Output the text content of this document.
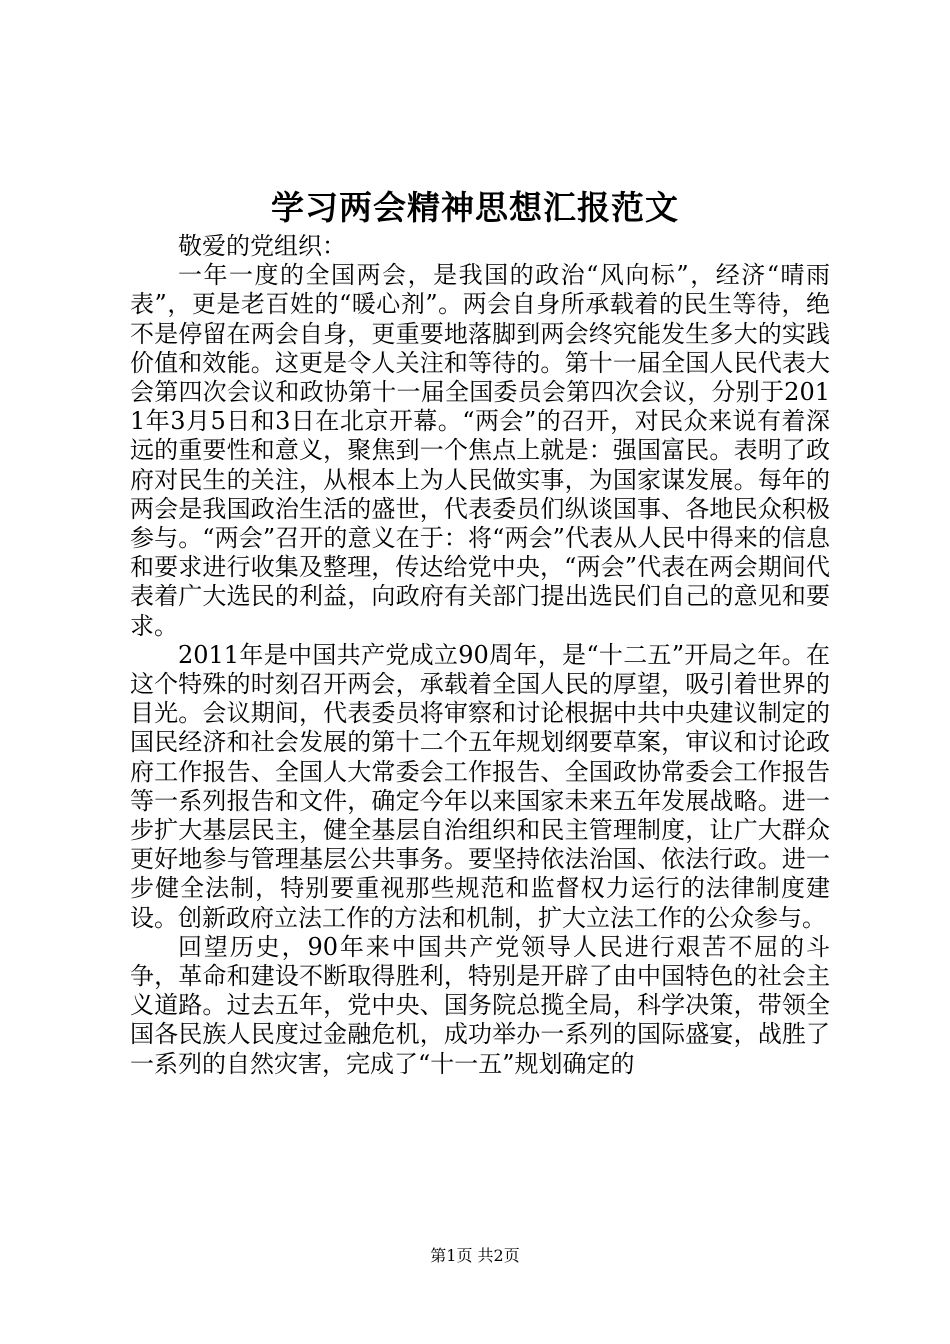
学习两会精神思想汇报范文

敬爱的党组织：

一年一度的全国两会，是我国的政治“风向标”，经济“晴雨表”，更是老百姓的“暖心剂”。两会自身所承载着的民生等待，绝不是停留在两会自身，更重要地落脚到两会终究能发生多大的实践价值和效能。这更是令人关注和等待的。第十一届全国人民代表大会第四次会议和政协第十一届全国委员会第四次会议，分别于2011年3月5日和3日在北京开幕。“两会”的召开，对民众来说有着深远的重要性和意义，聚焦到一个焦点上就是：强国富民。表明了政府对民生的关注，从根本上为人民做实事，为国家谋发展。每年的两会是我国政治生活的盛世，代表委员们纵谈国事、各地民众积极参与。“两会”召开的意义在于：将“两会”代表从人民中得来的信息和要求进行收集及整理，传达给党中央，“两会”代表在两会期间代表着广大选民的利益，向政府有关部门提出选民们自己的意见和要求。

2011年是中国共产党成立90周年，是“十二五”开局之年。在这个特殊的时刻召开两会，承载着全国人民的厚望，吸引着世界的目光。会议期间，代表委员将审察和讨论根据中共中央建议制定的国民经济和社会发展的第十二个五年规划纲要草案，审议和讨论政府工作报告、全国人大常委会工作报告、全国政协常委会工作报告等一系列报告和文件，确定今年以来国家未来五年发展战略。进一步扩大基层民主，健全基层自治组织和民主管理制度，让广大群众更好地参与管理基层公共事务。要坚持依法治国、依法行政。进一步健全法制，特别要重视那些规范和监督权力运行的法律制度建设。创新政府立法工作的方法和机制，扩大立法工作的公众参与。

回望历史，90年来中国共产党领导人民进行艰苦不屈的斗争，革命和建设不断取得胜利，特别是开辟了由中国特色的社会主义道路。过去五年，党中央、国务院总揽全局，科学决策，带领全国各民族人民度过金融危机，成功举办一系列的国际盛宴，战胜了一系列的自然灾害，完成了“十一五”规划确定的

第1页 共2页
